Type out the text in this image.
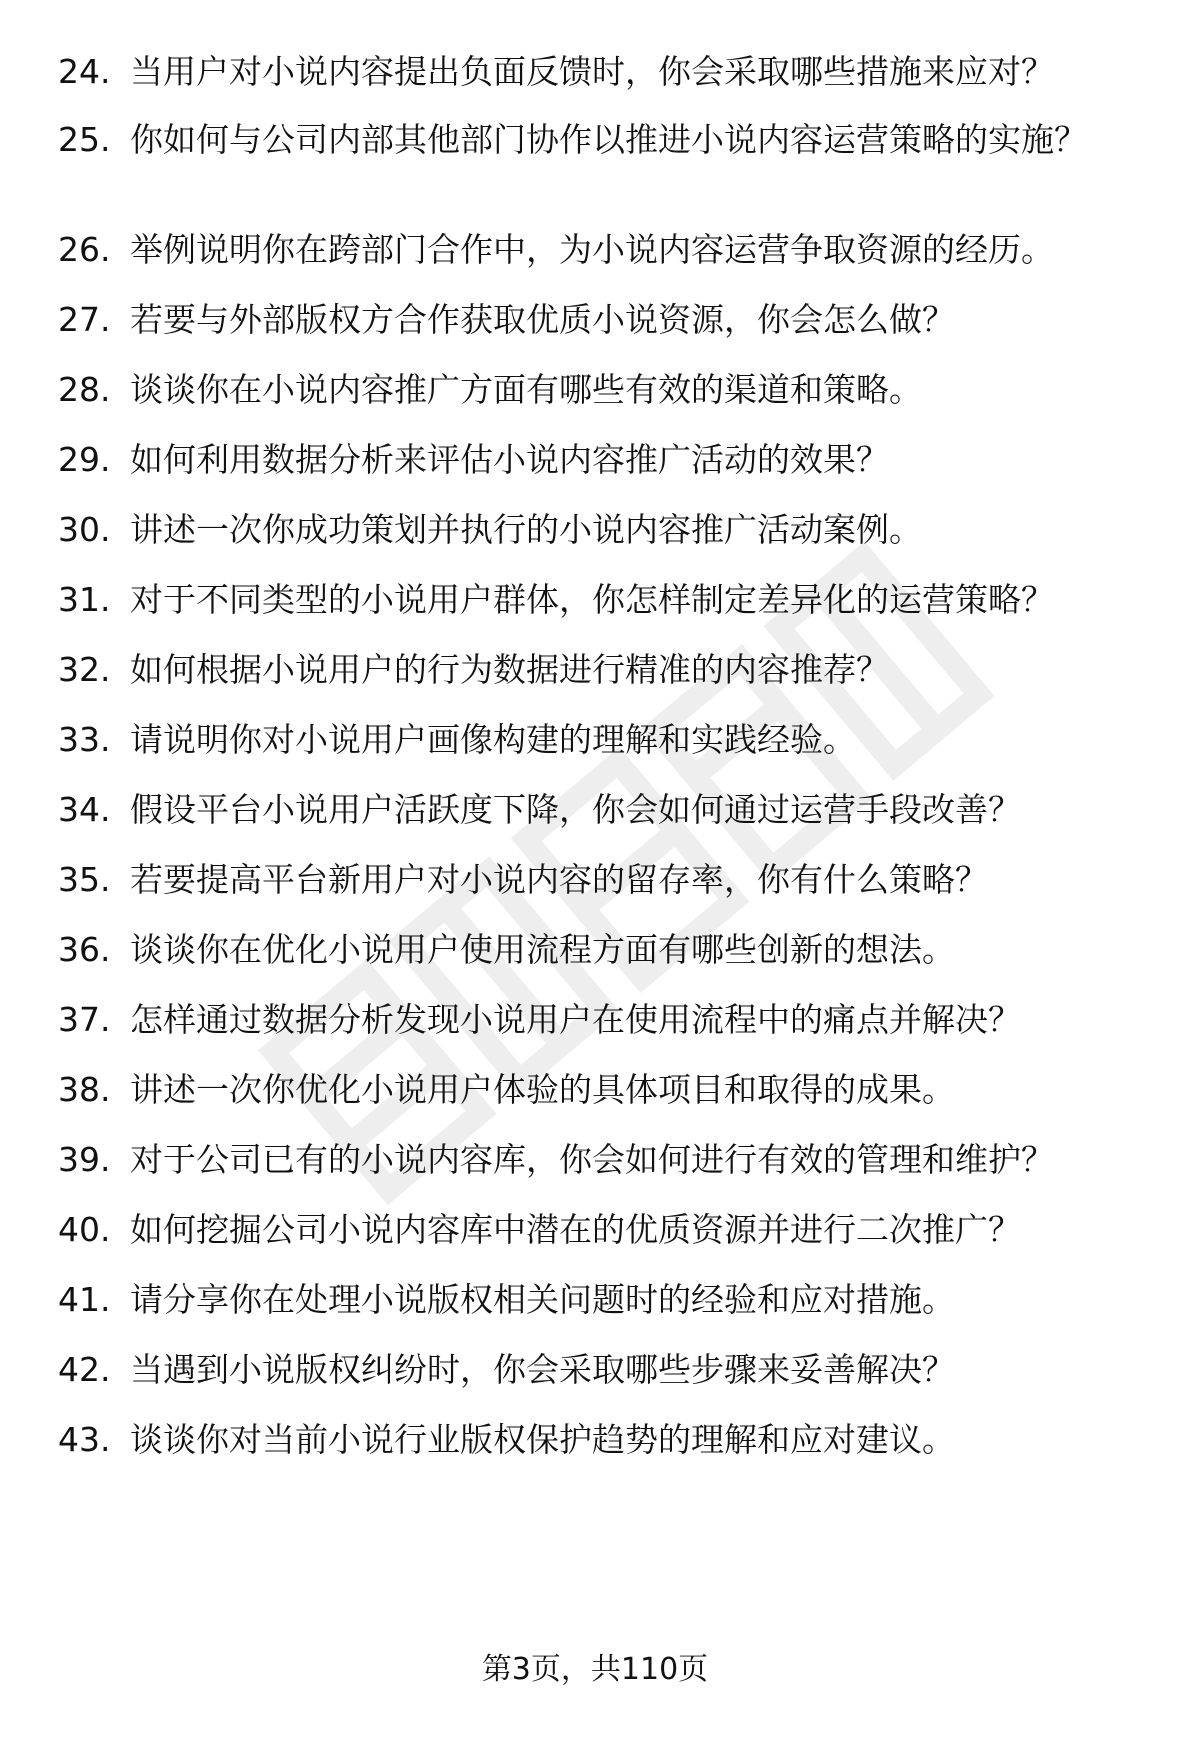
24. 当用户对小说内容提出负面反馈时，你会采取哪些措施来应对？
25. 你如何与公司内部其他部门协作以推进小说内容运营策略的实施？
26. 举例说明你在跨部门合作中，为小说内容运营争取资源的经历。
27. 若要与外部版权方合作获取优质小说资源，你会怎么做？
28. 谈谈你在小说内容推广方面有哪些有效的渠道和策略。
29. 如何利用数据分析来评估小说内容推广活动的效果？
30. 讲述一次你成功策划并执行的小说内容推广活动案例。
31. 对于不同类型的小说用户群体，你怎样制定差异化的运营策略？
32. 如何根据小说用户的行为数据进行精准的内容推荐？
33. 请说明你对小说用户画像构建的理解和实践经验。
34. 假设平台小说用户活跃度下降，你会如何通过运营手段改善？
35. 若要提高平台新用户对小说内容的留存率，你有什么策略？
36. 谈谈你在优化小说用户使用流程方面有哪些创新的想法。
37. 怎样通过数据分析发现小说用户在使用流程中的痛点并解决？
38. 讲述一次你优化小说用户体验的具体项目和取得的成果。
39. 对于公司已有的小说内容库，你会如何进行有效的管理和维护？
40. 如何挖掘公司小说内容库中潜在的优质资源并进行二次推广？
41. 请分享你在处理小说版权相关问题时的经验和应对措施。
42. 当遇到小说版权纠纷时，你会采取哪些步骤来妥善解决？
43. 谈谈你对当前小说行业版权保护趋势的理解和应对建议。
第3页，共110页
